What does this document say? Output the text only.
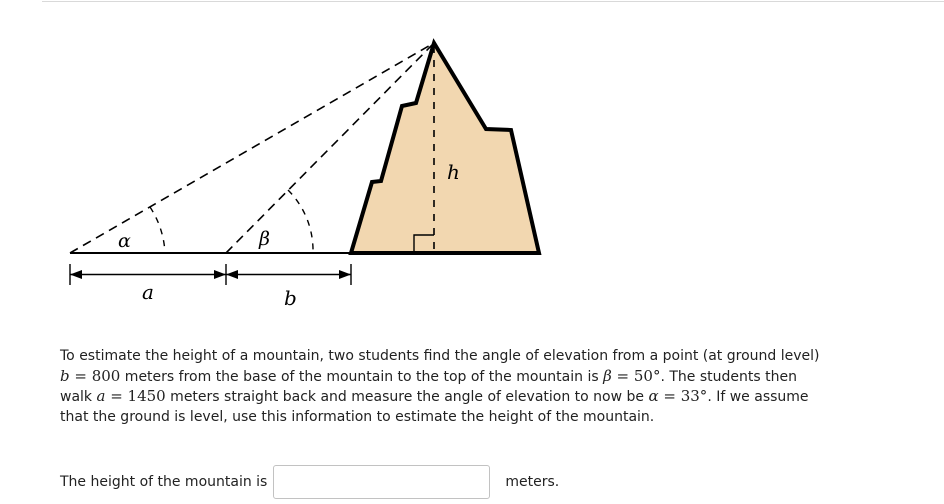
α	β
h
a	b

To estimate the height of a mountain, two students find the angle of elevation from a point (at ground level) b = 800 meters from the base of the mountain to the top of the mountain is β = 50°. The students then walk a = 1450 meters straight back and measure the angle of elevation to now be α = 33°. If we assume that the ground is level, use this information to estimate the height of the mountain.

The height of the mountain is	meters.
